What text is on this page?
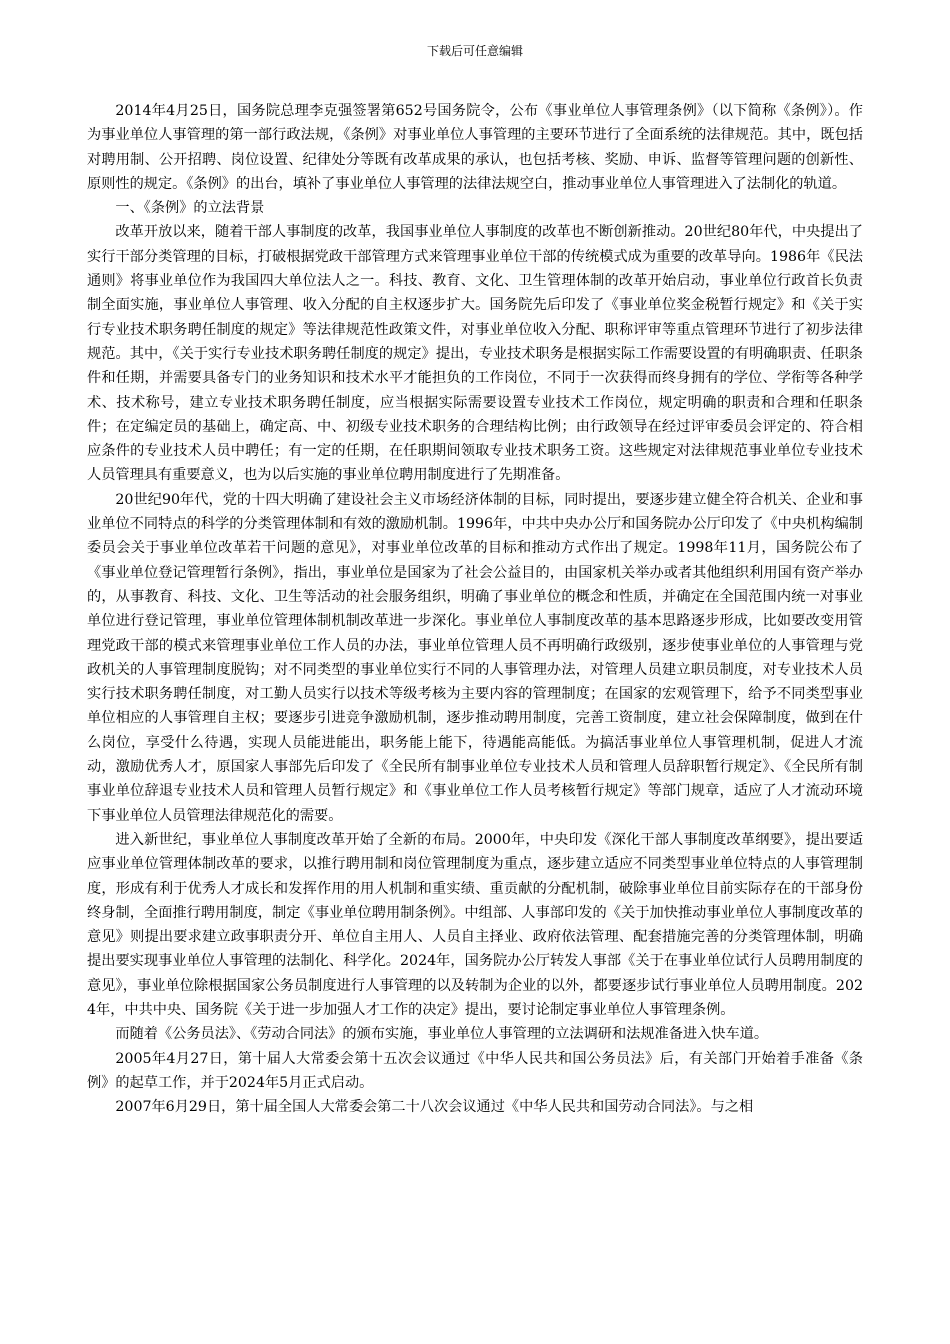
下载后可任意编辑

2014年4月25日，国务院总理李克强签署第652号国务院令，公布《事业单位人事管理条例》（以下简称《条例》）。作为事业单位人事管理的第一部行政法规，《条例》对事业单位人事管理的主要环节进行了全面系统的法律规范。其中，既包括对聘用制、公开招聘、岗位设置、纪律处分等既有改革成果的承认，也包括考核、奖励、申诉、监督等管理问题的创新性、原则性的规定。《条例》的出台，填补了事业单位人事管理的法律法规空白，推动事业单位人事管理进入了法制化的轨道。

一、《条例》的立法背景

改革开放以来，随着干部人事制度的改革，我国事业单位人事制度的改革也不断创新推动。20世纪80年代，中央提出了实行干部分类管理的目标，打破根据党政干部管理方式来管理事业单位干部的传统模式成为重要的改革导向。1986年《民法通则》将事业单位作为我国四大单位法人之一。科技、教育、文化、卫生管理体制的改革开始启动，事业单位行政首长负责制全面实施，事业单位人事管理、收入分配的自主权逐步扩大。国务院先后印发了《事业单位奖金税暂行规定》和《关于实行专业技术职务聘任制度的规定》等法律规范性政策文件，对事业单位收入分配、职称评审等重点管理环节进行了初步法律规范。其中，《关于实行专业技术职务聘任制度的规定》提出，专业技术职务是根据实际工作需要设置的有明确职责、任职条件和任期，并需要具备专门的业务知识和技术水平才能担负的工作岗位，不同于一次获得而终身拥有的学位、学衔等各种学术、技术称号，建立专业技术职务聘任制度，应当根据实际需要设置专业技术工作岗位，规定明确的职责和合理和任职条件；在定编定员的基础上，确定高、中、初级专业技术职务的合理结构比例；由行政领导在经过评审委员会评定的、符合相应条件的专业技术人员中聘任；有一定的任期，在任职期间领取专业技术职务工资。这些规定对法律规范事业单位专业技术人员管理具有重要意义，也为以后实施的事业单位聘用制度进行了先期准备。

20世纪90年代，党的十四大明确了建设社会主义市场经济体制的目标，同时提出，要逐步建立健全符合机关、企业和事业单位不同特点的科学的分类管理体制和有效的激励机制。1996年，中共中央办公厅和国务院办公厅印发了《中央机构编制委员会关于事业单位改革若干问题的意见》，对事业单位改革的目标和推动方式作出了规定。1998年11月，国务院公布了《事业单位登记管理暂行条例》，指出，事业单位是国家为了社会公益目的，由国家机关举办或者其他组织利用国有资产举办的，从事教育、科技、文化、卫生等活动的社会服务组织，明确了事业单位的概念和性质，并确定在全国范围内统一对事业单位进行登记管理，事业单位管理体制机制改革进一步深化。事业单位人事制度改革的基本思路逐步形成，比如要改变用管理党政干部的模式来管理事业单位工作人员的办法，事业单位管理人员不再明确行政级别，逐步使事业单位的人事管理与党政机关的人事管理制度脱钩；对不同类型的事业单位实行不同的人事管理办法，对管理人员建立职员制度，对专业技术人员实行技术职务聘任制度，对工勤人员实行以技术等级考核为主要内容的管理制度；在国家的宏观管理下，给予不同类型事业单位相应的人事管理自主权；要逐步引进竞争激励机制，逐步推动聘用制度，完善工资制度，建立社会保障制度，做到在什么岗位，享受什么待遇，实现人员能进能出，职务能上能下，待遇能高能低。为搞活事业单位人事管理机制，促进人才流动，激励优秀人才，原国家人事部先后印发了《全民所有制事业单位专业技术人员和管理人员辞职暂行规定》、《全民所有制事业单位辞退专业技术人员和管理人员暂行规定》和《事业单位工作人员考核暂行规定》等部门规章，适应了人才流动环境下事业单位人员管理法律规范化的需要。

进入新世纪，事业单位人事制度改革开始了全新的布局。2000年，中央印发《深化干部人事制度改革纲要》，提出要适应事业单位管理体制改革的要求，以推行聘用制和岗位管理制度为重点，逐步建立适应不同类型事业单位特点的人事管理制度，形成有利于优秀人才成长和发挥作用的用人机制和重实绩、重贡献的分配机制，破除事业单位目前实际存在的干部身份终身制，全面推行聘用制度，制定《事业单位聘用制条例》。中组部、人事部印发的《关于加快推动事业单位人事制度改革的意见》则提出要求建立政事职责分开、单位自主用人、人员自主择业、政府依法管理、配套措施完善的分类管理体制，明确提出要实现事业单位人事管理的法制化、科学化。2024年，国务院办公厅转发人事部《关于在事业单位试行人员聘用制度的意见》，事业单位除根据国家公务员制度进行人事管理的以及转制为企业的以外，都要逐步试行事业单位人员聘用制度。2024年，中共中央、国务院《关于进一步加强人才工作的决定》提出，要讨论制定事业单位人事管理条例。

而随着《公务员法》、《劳动合同法》的颁布实施，事业单位人事管理的立法调研和法规准备进入快车道。

2005年4月27日，第十届人大常委会第十五次会议通过《中华人民共和国公务员法》后，有关部门开始着手准备《条例》的起草工作，并于2024年5月正式启动。

2007年6月29日，第十届全国人大常委会第二十八次会议通过《中华人民共和国劳动合同法》。与之相
